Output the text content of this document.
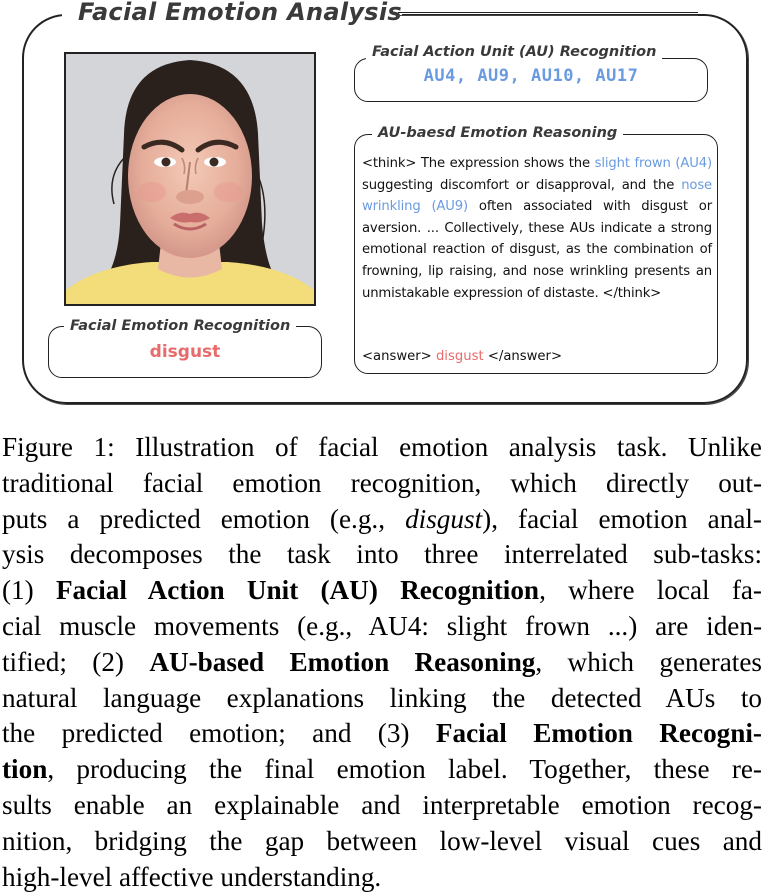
Facial Emotion Analysis
Facial Action Unit (AU) Recognition
AU4, AU9, AU10, AU17
AU-baesd Emotion Reasoning
<think> The expression shows the slight frown (AU4) suggesting discomfort or disapproval, and the nose wrinkling (AU9) often associated with disgust or aversion. ... Collectively, these AUs indicate a strong emotional reaction of disgust, as the combination of frowning, lip raising, and nose wrinkling presents an unmistakable expression of distaste. </think>
<answer> disgust </answer>
Facial Emotion Recognition
disgust
Figure 1: Illustration of facial emotion analysis task. Unlike
traditional facial emotion recognition, which directly out-
puts a predicted emotion (e.g., disgust), facial emotion anal-
ysis decomposes the task into three interrelated sub-tasks:
(1) Facial Action Unit (AU) Recognition, where local fa-
cial muscle movements (e.g., AU4: slight frown ...) are iden-
tified; (2) AU-based Emotion Reasoning, which generates
natural language explanations linking the detected AUs to
the predicted emotion; and (3) Facial Emotion Recogni-
tion, producing the final emotion label. Together, these re-
sults enable an explainable and interpretable emotion recog-
nition, bridging the gap between low-level visual cues and
high-level affective understanding.
